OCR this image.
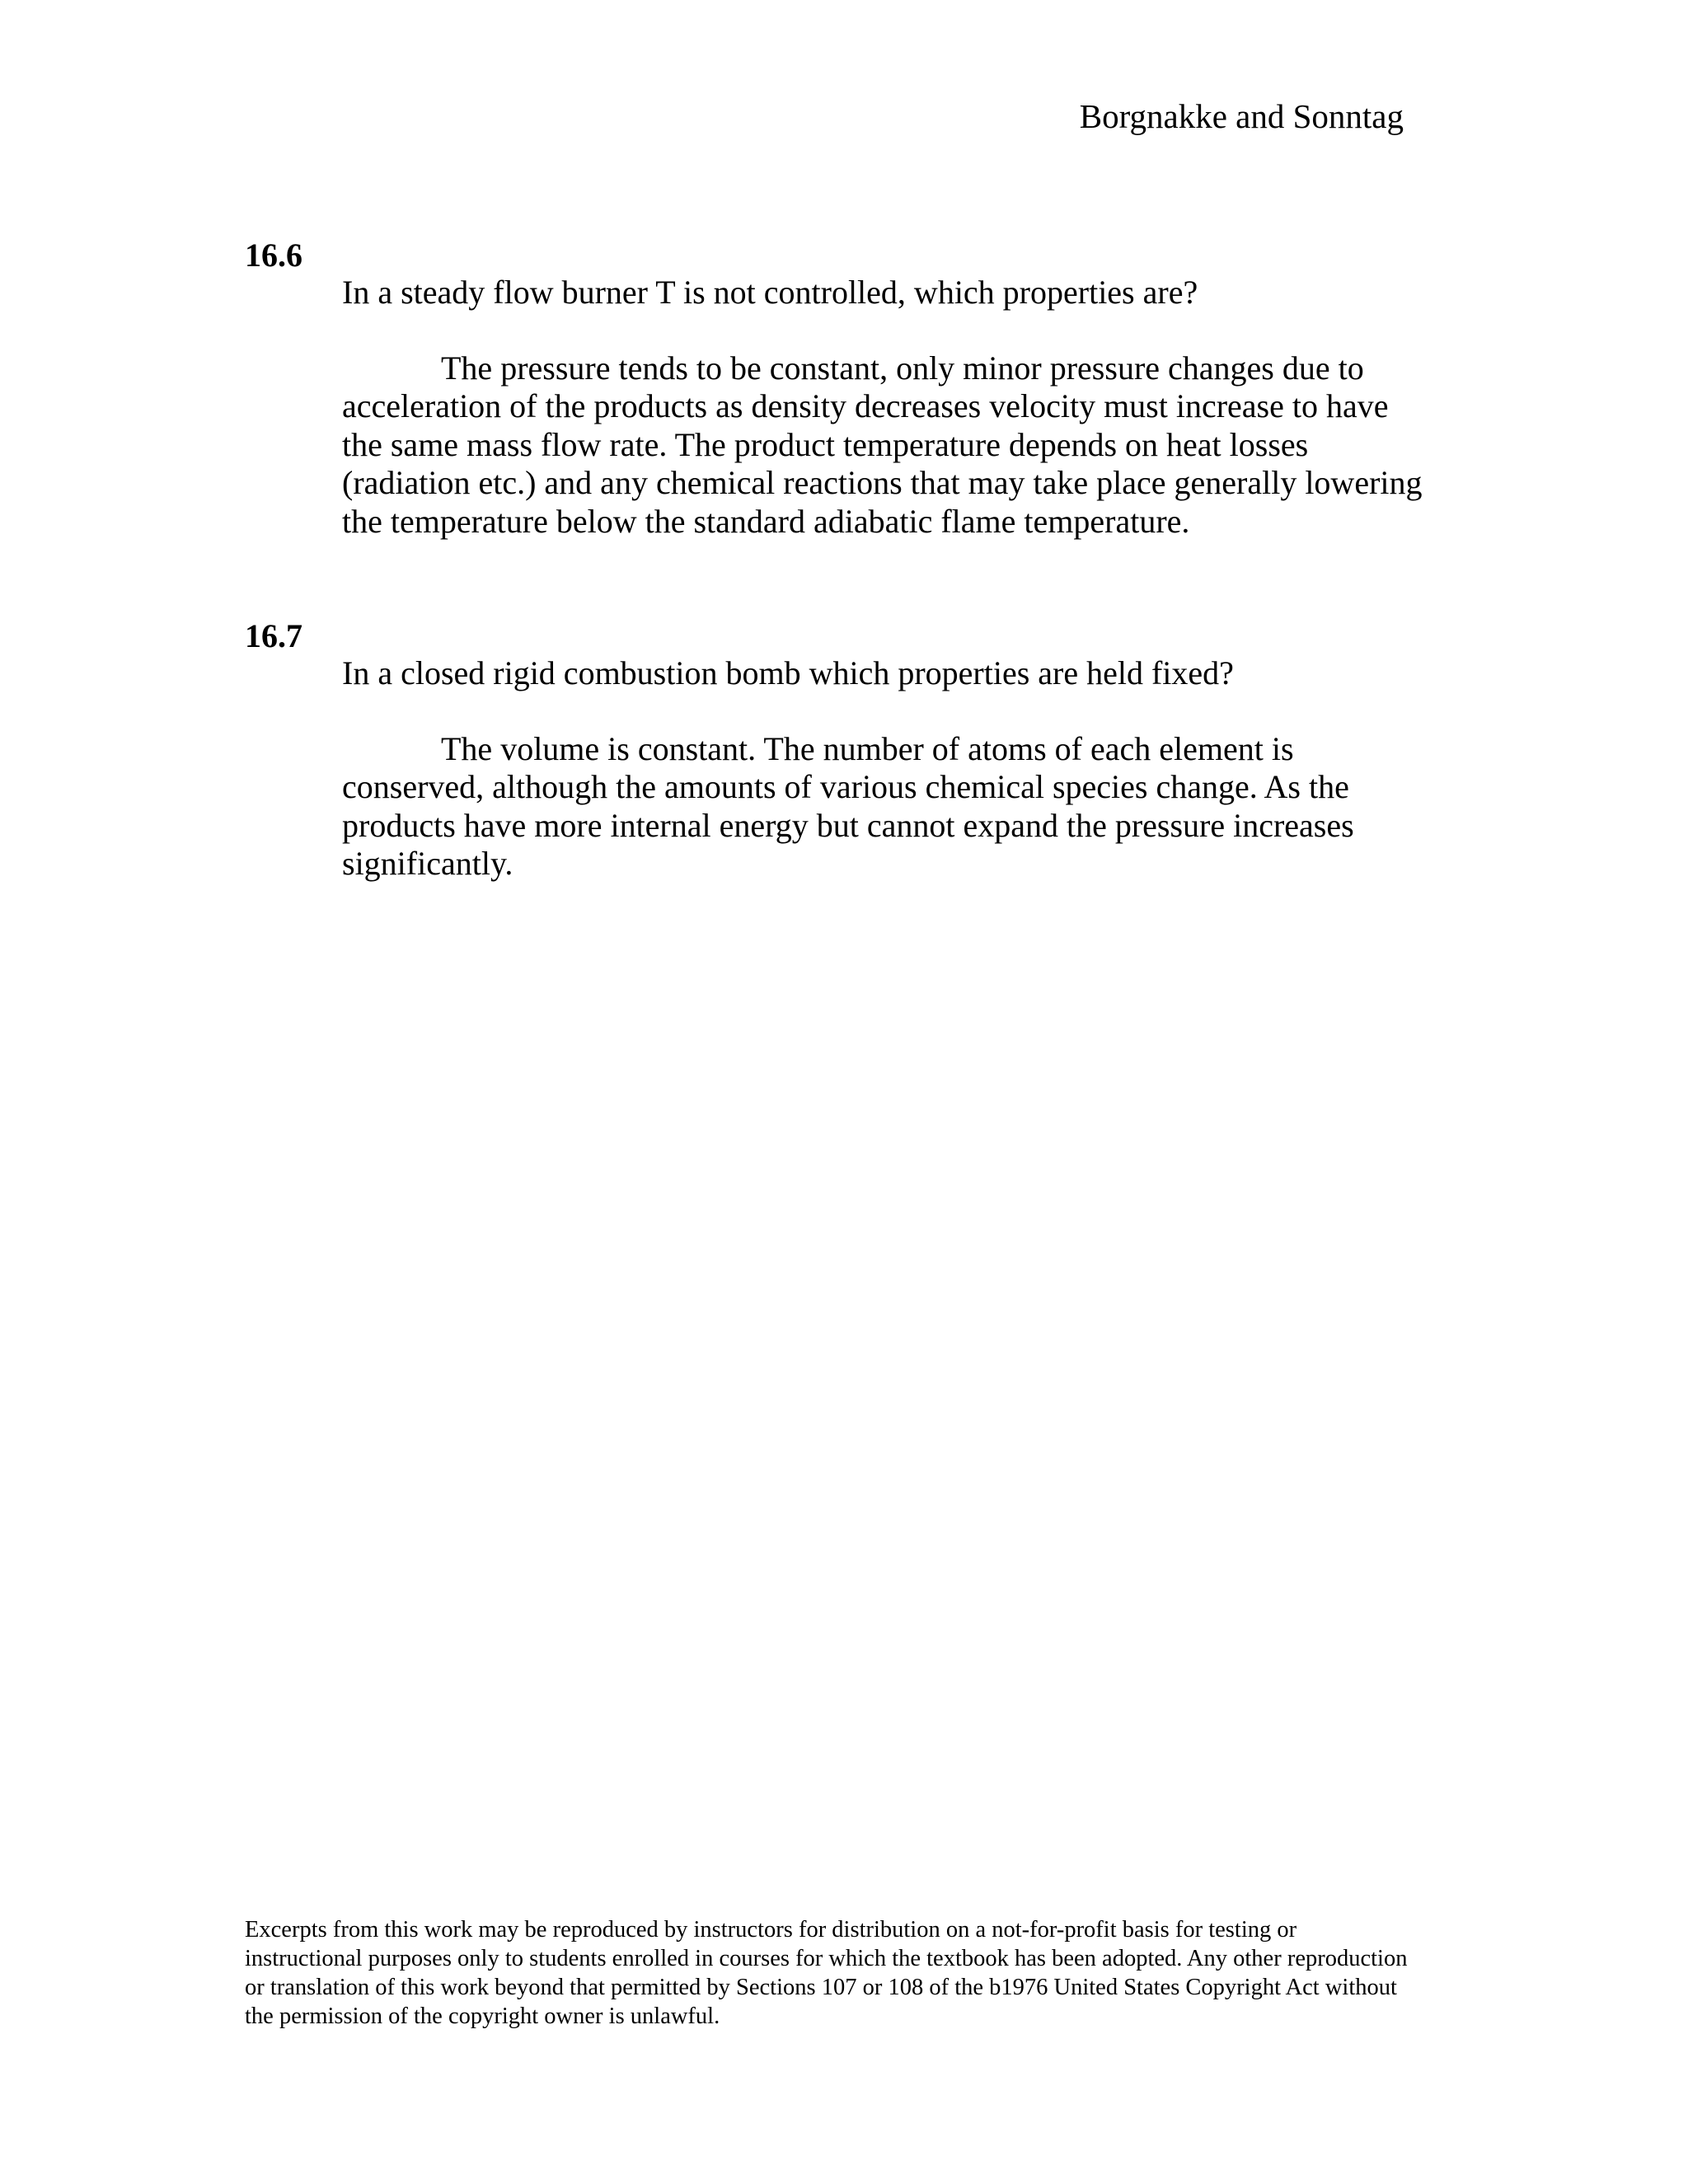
Borgnakke and Sonntag

16.6

In a steady flow burner T is not controlled, which properties are?

The pressure tends to be constant, only minor pressure changes due to acceleration of the products as density decreases velocity must increase to have the same mass flow rate. The product temperature depends on heat losses (radiation etc.) and any chemical reactions that may take place generally lowering the temperature below the standard adiabatic flame temperature.

16.7

In a closed rigid combustion bomb which properties are held fixed?

The volume is constant. The number of atoms of each element is conserved, although the amounts of various chemical species change. As the products have more internal energy but cannot expand the pressure increases significantly.

Excerpts from this work may be reproduced by instructors for distribution on a not-for-profit basis for testing or instructional purposes only to students enrolled in courses for which the textbook has been adopted. Any other reproduction or translation of this work beyond that permitted by Sections 107 or 108 of the b1976 United States Copyright Act without the permission of the copyright owner is unlawful.
